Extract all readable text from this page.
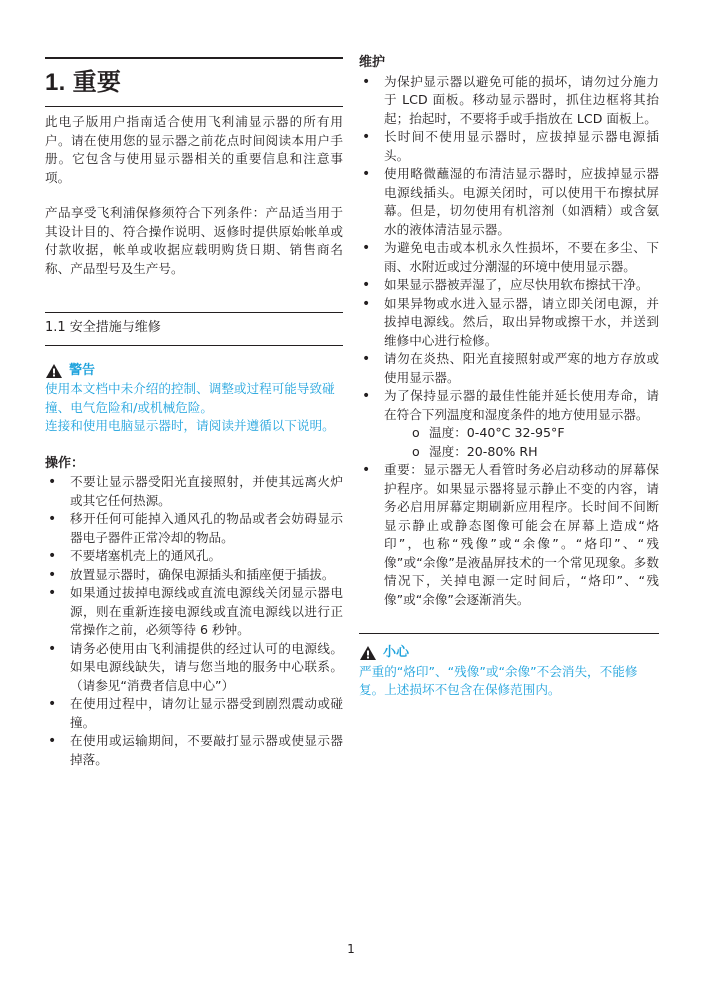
1. 重要

此电子版用户指南适合使用飞利浦显示器的所有用户。请在使用您的显示器之前花点时间阅读本用户手册。它包含与使用显示器相关的重要信息和注意事项。

产品享受飞利浦保修须符合下列条件：产品适当用于其设计目的、符合操作说明、返修时提供原始帐单或付款收据，帐单或收据应载明购货日期、销售商名称、产品型号及生产号。

1.1 安全措施与维修
警告

使用本文档中未介绍的控制、调整或过程可能导致碰撞、电气危险和/或机械危险。

连接和使用电脑显示器时，请阅读并遵循以下说明。

操作：
• 不要让显示器受阳光直接照射，并使其远离火炉或其它任何热源。
• 移开任何可能掉入通风孔的物品或者会妨碍显示器电子器件正常冷却的物品。
• 不要堵塞机壳上的通风孔。
• 放置显示器时，确保电源插头和插座便于插拔。
• 如果通过拔掉电源线或直流电源线关闭显示器电源，则在重新连接电源线或直流电源线以进行正常操作之前，必须等待 6 秒钟。
• 请务必使用由飞利浦提供的经过认可的电源线。如果电源线缺失，请与您当地的服务中心联系。（请参见“消费者信息中心”）
• 在使用过程中，请勿让显示器受到剧烈震动或碰撞。
• 在使用或运输期间，不要敲打显示器或使显示器掉落。
维护
• 为保护显示器以避免可能的损坏，请勿过分施力于 LCD 面板。移动显示器时，抓住边框将其抬起；抬起时，不要将手或手指放在 LCD 面板上。
• 长时间不使用显示器时，应拔掉显示器电源插头。
• 使用略微蘸湿的布清洁显示器时，应拔掉显示器电源线插头。电源关闭时，可以使用干布擦拭屏幕。但是，切勿使用有机溶剂（如酒精）或含氨水的液体清洁显示器。
• 为避免电击或本机永久性损坏，不要在多尘、下雨、水附近或过分潮湿的环境中使用显示器。
• 如果显示器被弄湿了，应尽快用软布擦拭干净。
• 如果异物或水进入显示器，请立即关闭电源，并拔掉电源线。然后，取出异物或擦干水，并送到维修中心进行检修。
• 请勿在炎热、阳光直接照射或严寒的地方存放或使用显示器。
• 为了保持显示器的最佳性能并延长使用寿命，请在符合下列温度和湿度条件的地方使用显示器。
o 温度：0-40°C 32-95°F
o 湿度：20-80% RH
• 重要：显示器无人看管时务必启动移动的屏幕保护程序。如果显示器将显示静止不变的内容，请务必启用屏幕定期刷新应用程序。长时间不间断显示静止或静态图像可能会在屏幕上造成“烙印”，也称“残像”或“余像”。“烙印”、“残像”或“余像”是液晶屏技术的一个常见现象。多数情况下，关掉电源一定时间后，“烙印”、“残像”或“余像”会逐渐消失。
小心

严重的“烙印”、“残像”或“余像”不会消失，不能修复。上述损坏不包含在保修范围内。

1
